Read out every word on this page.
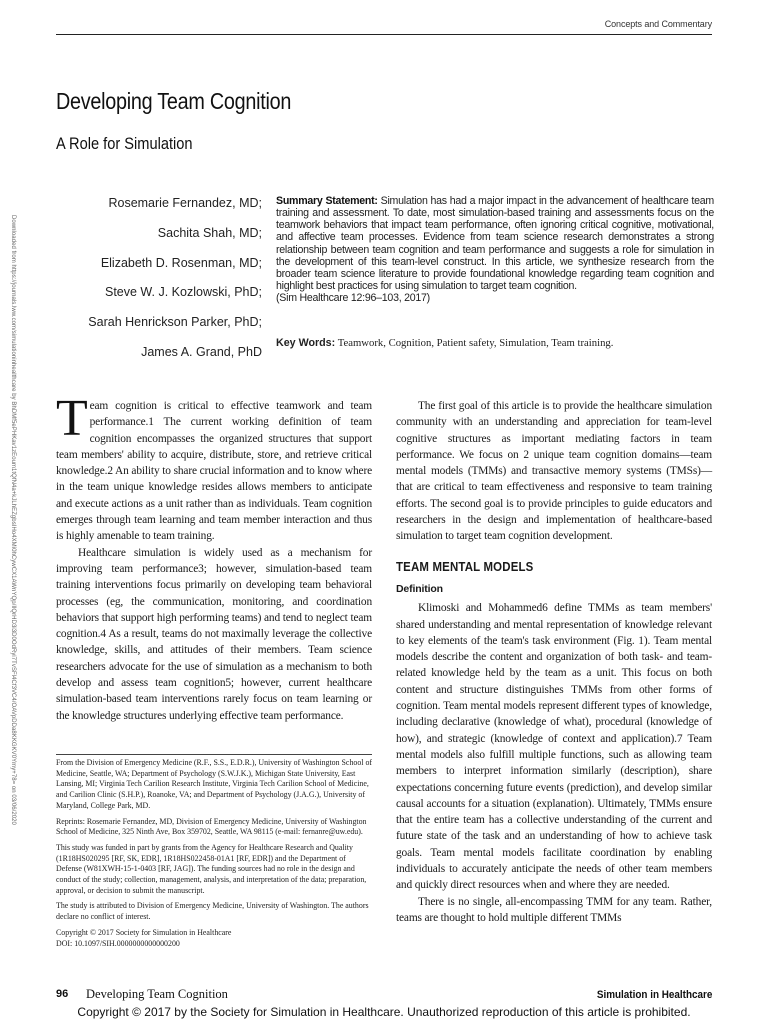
Concepts and Commentary
Developing Team Cognition
A Role for Simulation
Rosemarie Fernandez, MD;
Sachita Shah, MD;
Elizabeth D. Rosenman, MD;
Steve W. J. Kozlowski, PhD;
Sarah Henrickson Parker, PhD;
James A. Grand, PhD
Summary Statement: Simulation has had a major impact in the advancement of healthcare team training and assessment. To date, most simulation-based training and assessments focus on the teamwork behaviors that impact team performance, often ignoring critical cognitive, motivational, and affective team processes. Evidence from team science research demonstrates a strong relationship between team cognition and team performance and suggests a role for simulation in the development of this team-level construct. In this article, we synthesize research from the broader team science literature to provide foundational knowledge regarding team cognition and highlight best practices for using simulation to target team cognition.
(Sim Healthcare 12:96–103, 2017)
Key Words: Teamwork, Cognition, Patient safety, Simulation, Team training.
Downloaded from https://journals.lww.com/simulationinhealthcare by BhDMf5ePHKav1zEoum1tQfN4a+kJLhEZgbsIHo4XMi0hCywCX1AWnYQp/IlQrHD3i3D0OdRyi7TvSFl4Cf3VC4/OAVpDDa8KKGKV0Ymy+78= on 03/06/2020 Team cognition is critical to effective teamwork and team performance.1 The current working definition of team cognition encompasses the organized structures that support team members' ability to acquire, distribute, store, and retrieve critical knowledge.2 An ability to share crucial information and to know where in the team unique knowledge resides allows members to anticipate and execute actions as a unit rather than as individuals. Team cognition emerges through team learning and team member interaction and thus is highly amenable to team training.

Healthcare simulation is widely used as a mechanism for improving team performance3; however, simulation-based team training interventions focus primarily on developing team behavioral processes (eg, the communication, monitoring, and coordination behaviors that support high performing teams) and tend to neglect team cognition.4 As a result, teams do not maximally leverage the collective knowledge, skills, and attitudes of their members. Team science researchers advocate for the use of simulation as a mechanism to both develop and assess team cognition5; however, current healthcare simulation-based team interventions rarely focus on team learning or the knowledge structures underlying effective team performance.

From the Division of Emergency Medicine (R.F., S.S., E.D.R.), University of Washington School of Medicine, Seattle, WA; Department of Psychology (S.W.J.K.), Michigan State University, East Lansing, MI; Virginia Tech Carilion Research Institute, Virginia Tech Carilion School of Medicine, and Carilion Clinic (S.H.P.), Roanoke, VA; and Department of Psychology (J.A.G.), University of Maryland, College Park, MD.

Reprints: Rosemarie Fernandez, MD, Division of Emergency Medicine, University of Washington School of Medicine, 325 Ninth Ave, Box 359702, Seattle, WA 98115 (e-mail: fernanre@uw.edu).

This study was funded in part by grants from the Agency for Healthcare Research and Quality (1R18HS020295 [RF, SK, EDR], 1R18HS022458-01A1 [RF, EDR]) and the Department of Defense (W81XWH-15-1-0403 [RF, JAG]). The funding sources had no role in the design and conduct of the study; collection, management, analysis, and interpretation of the data; preparation, approval, or decision to submit the manuscript.

The study is attributed to Division of Emergency Medicine, University of Washington. The authors declare no conflict of interest.

Copyright © 2017 Society for Simulation in Healthcare
DOI: 10.1097/SIH.0000000000000200

The first goal of this article is to provide the healthcare simulation community with an understanding and appreciation for team-level cognitive structures as important mediating factors in team performance. We focus on 2 unique team cognition domains—team mental models (TMMs) and transactive memory systems (TMSs)—that are critical to team effectiveness and responsive to team training efforts. The second goal is to provide principles to guide educators and researchers in the design and implementation of healthcare-based simulation to target team cognition development.

TEAM MENTAL MODELS
Definition

Klimoski and Mohammed6 define TMMs as team members' shared understanding and mental representation of knowledge relevant to key elements of the team's task environment (Fig. 1). Team mental models describe the content and organization of both task- and team-related knowledge held by the team as a unit. This focus on both content and structure distinguishes TMMs from other forms of cognition. Team mental models represent different types of knowledge, including declarative (knowledge of what), procedural (knowledge of how), and strategic (knowledge of context and application).7 Team mental models also fulfill multiple functions, such as allowing team members to interpret information similarly (description), share expectations concerning future events (prediction), and develop similar causal accounts for a situation (explanation). Ultimately, TMMs ensure that the entire team has a collective understanding of the current and future state of the task and an understanding of how to achieve task goals. Team mental models facilitate coordination by enabling individuals to accurately anticipate the needs of other team members and quickly direct resources when and where they are needed.

There is no single, all-encompassing TMM for any team. Rather, teams are thought to hold multiple different TMMs

96 Developing Team Cognition	Simulation in Healthcare
Copyright © 2017 by the Society for Simulation in Healthcare. Unauthorized reproduction of this article is prohibited.
